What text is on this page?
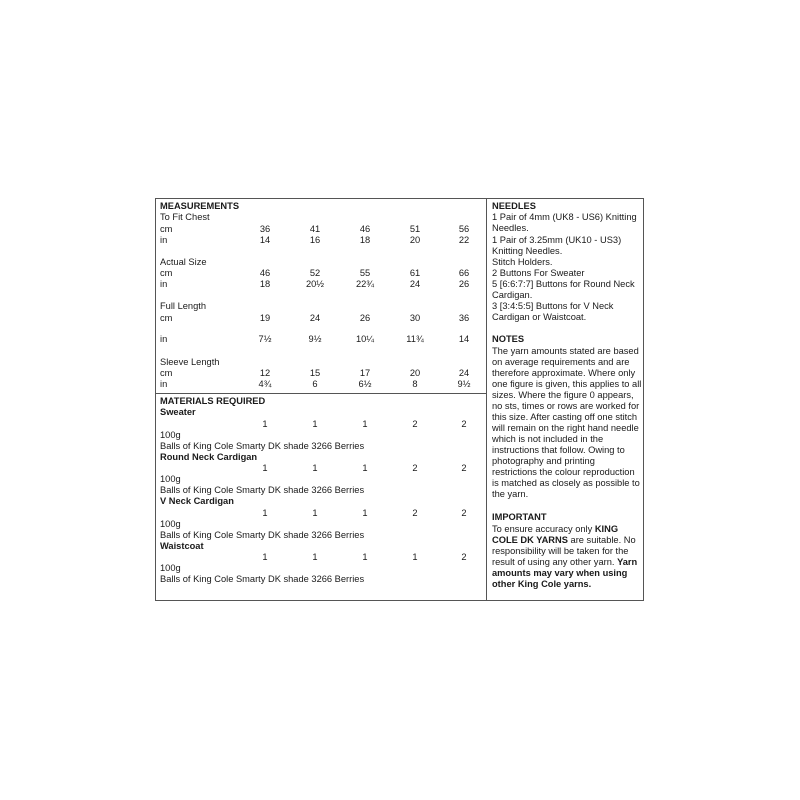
MEASUREMENTS
To Fit Chest
cm	36	41	46	51	56
in	14	16	18	20	22
Actual Size
cm	46	52	55	61	66
in	18	20½	22¾	24	26
Full Length
cm	19	24	26	30	36
in	7½	9½	10¼	11¾	14
Sleeve Length
cm	12	15	17	20	24
in	4¾	6	6½	8	9½
MATERIALS REQUIRED
Sweater
1	1	1	2	2
100g
Balls of King Cole Smarty DK shade 3266 Berries
Round Neck Cardigan
1	1	1	2	2
100g
Balls of King Cole Smarty DK shade 3266 Berries
V Neck Cardigan
1	1	1	2	2
100g
Balls of King Cole Smarty DK shade 3266 Berries
Waistcoat
1	1	1	1	2
100g
Balls of King Cole Smarty DK shade 3266 Berries
NEEDLES
1 Pair of 4mm (UK8 - US6) Knitting Needles.
1 Pair of 3.25mm (UK10 - US3) Knitting Needles.
Stitch Holders.
2 Buttons For Sweater
5 [6:6:7:7] Buttons for Round Neck Cardigan.
3 [3:4:5:5] Buttons for V Neck Cardigan or Waistcoat.
NOTES
The yarn amounts stated are based on average requirements and are therefore approximate. Where only one figure is given, this applies to all sizes. Where the figure 0 appears, no sts, times or rows are worked for this size. After casting off one stitch will remain on the right hand needle which is not included in the instructions that follow. Owing to photography and printing restrictions the colour reproduction is matched as closely as possible to the yarn.
IMPORTANT
To ensure accuracy only KING COLE DK YARNS are suitable. No responsibility will be taken for the result of using any other yarn. Yarn amounts may vary when using other King Cole yarns.
